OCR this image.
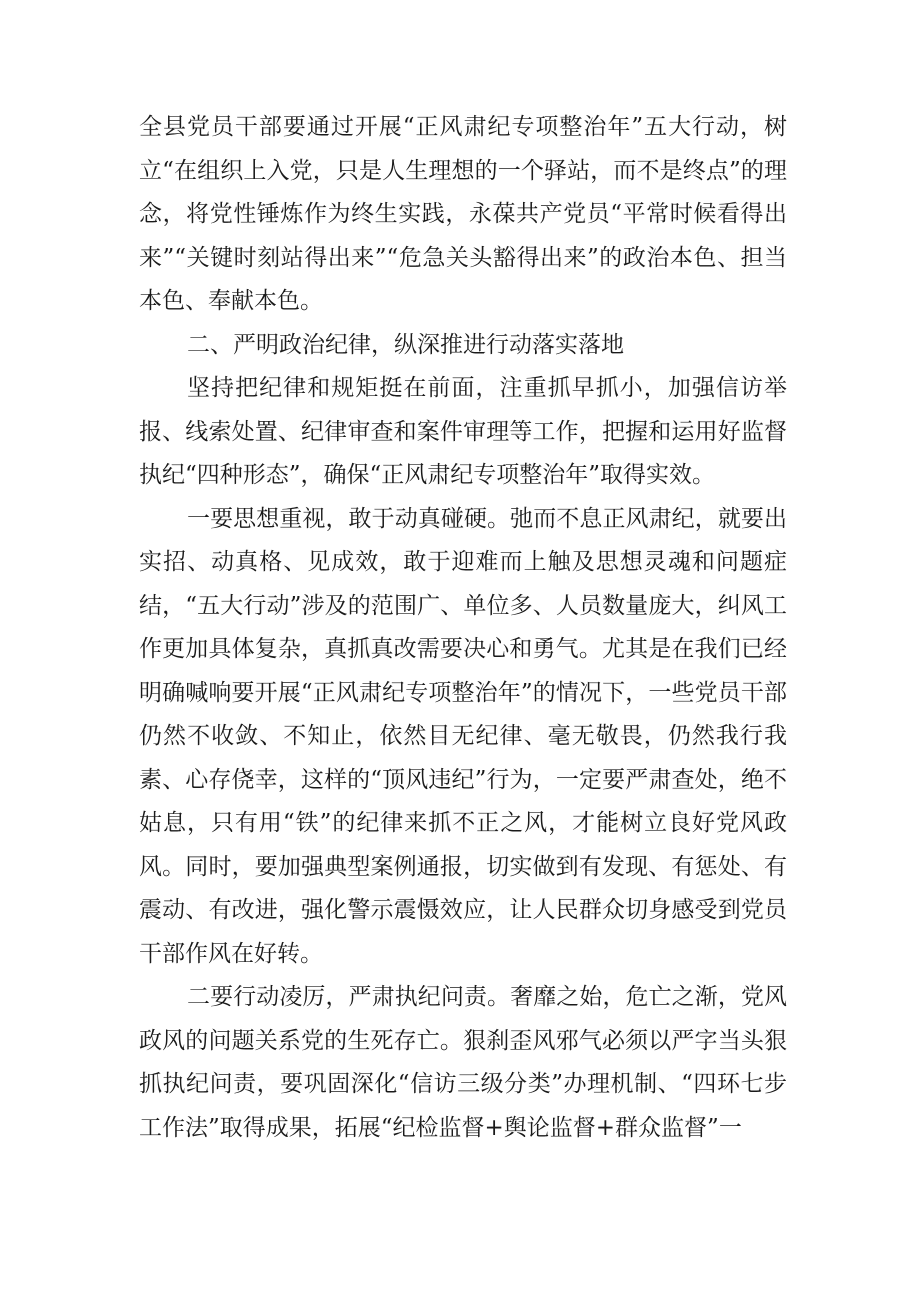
全县党员干部要通过开展“正风肃纪专项整治年”五大行动，树立“在组织上入党，只是人生理想的一个驿站，而不是终点”的理念，将党性锤炼作为终生实践，永葆共产党员“平常时候看得出来”“关键时刻站得出来”“危急关头豁得出来”的政治本色、担当本色、奉献本色。

二、严明政治纪律，纵深推进行动落实落地

坚持把纪律和规矩挺在前面，注重抓早抓小，加强信访举报、线索处置、纪律审查和案件审理等工作，把握和运用好监督执纪“四种形态”，确保“正风肃纪专项整治年”取得实效。

一要思想重视，敢于动真碰硬。弛而不息正风肃纪，就要出实招、动真格、见成效，敢于迎难而上触及思想灵魂和问题症结，“五大行动”涉及的范围广、单位多、人员数量庞大，纠风工作更加具体复杂，真抓真改需要决心和勇气。尤其是在我们已经明确喊响要开展“正风肃纪专项整治年”的情况下，一些党员干部仍然不收敛、不知止，依然目无纪律、毫无敬畏，仍然我行我素、心存侥幸，这样的“顶风违纪”行为，一定要严肃查处，绝不姑息，只有用“铁”的纪律来抓不正之风，才能树立良好党风政风。同时，要加强典型案例通报，切实做到有发现、有惩处、有震动、有改进，强化警示震慑效应，让人民群众切身感受到党员干部作风在好转。

二要行动凌厉，严肃执纪问责。奢靡之始，危亡之渐，党风政风的问题关系党的生死存亡。狠刹歪风邪气必须以严字当头狠抓执纪问责，要巩固深化“信访三级分类”办理机制、“四环七步工作法”取得成果，拓展“纪检监督+舆论监督+群众监督”一
